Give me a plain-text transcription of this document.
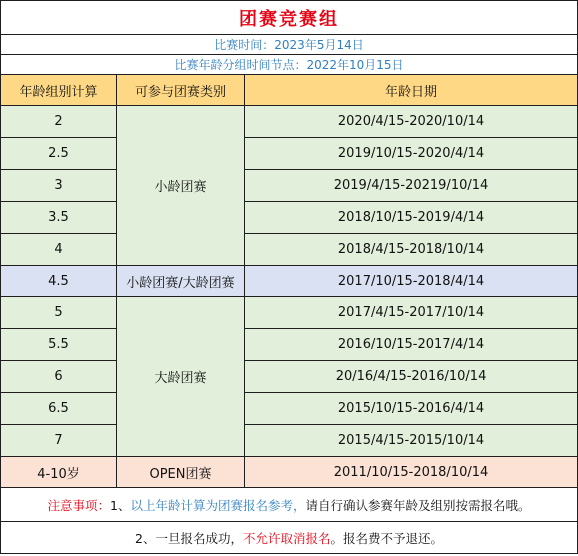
团赛竞赛组		
比赛时间：2023年5月14日		
比赛年龄分组时间节点：2022年10月15日		
年龄组别计算	可参与团赛类别	年龄日期
2	小龄团赛	2020/4/15-2020/10/14
2.5		2019/10/15-2020/4/14
3		2019/4/15-20219/10/14
3.5		2018/10/15-2019/4/14
4		2018/4/15-2018/10/14
4.5	小龄团赛/大龄团赛	2017/10/15-2018/4/14
5	大龄团赛	2017/4/15-2017/10/14
5.5		2016/10/15-2017/4/14
6		20/16/4/15-2016/10/14
6.5		2015/10/15-2016/4/14
7		2015/4/15-2015/10/14
4-10岁	OPEN团赛	2011/10/15-2018/10/14
注意事项：1、以上年龄计算为团赛报名参考，请自行确认参赛年龄及组别按需报名哦。		
2、一旦报名成功，不允许取消报名。报名费不予退还。		
